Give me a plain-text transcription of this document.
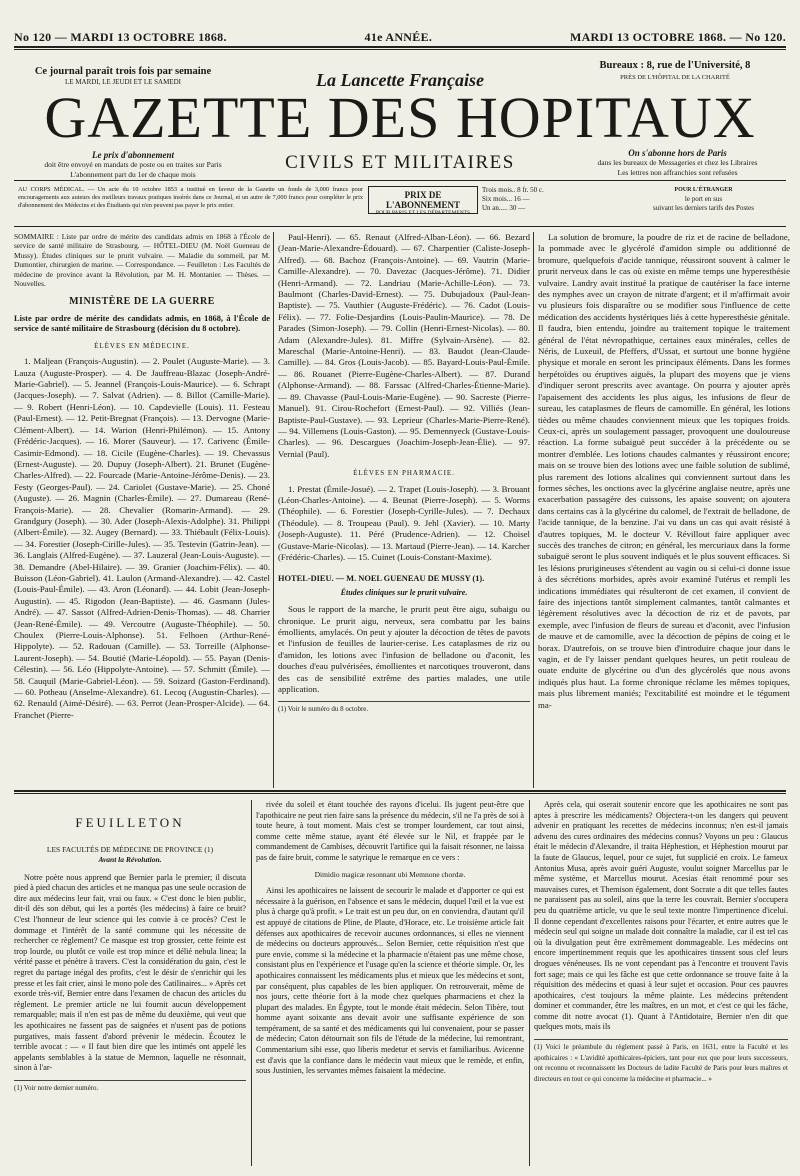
No 120 — MARDI 13 OCTOBRE 1868.	41e ANNÉE.	MARDI 13 OCTOBRE 1868. — No 120.
Ce journal paraît trois fois par semaine
LE MARDI, LE JEUDI ET LE SAMEDI	La Lancette Française
Bureaux : 8, rue de l'Université, 8
PRÈS DE L'HÔPITAL DE LA CHARITÉ
GAZETTE DES HOPITAUX
Le prix d'abonnement
doit être envoyé en mandats de poste ou en traites sur Paris
L'abonnement part du 1er de chaque mois
CIVILS ET MILITAIRES	On s'abonne hors de Paris
dans les bureaux de Messageries et chez les Libraires
Les lettres non affranchies sont refusées
AU CORPS MÉDICAL. — Un acte du 10 octobre 1853 a institué en faveur de la Gazette un fonds de 3,000 francs pour encouragements aux auteurs des meilleurs travaux pratiques insérés dans ce Journal, et un autre de 7,000 francs pour compléter le prix d'abonnement des Médecins et des Étudiants qui n'en peuvent pas payer le prix entier.
PRIX DE L'ABONNEMENT
POUR PARIS ET LES DÉPARTEMENTS
Trois mois.. 8 fr. 50 c.
Six mois... 16 —
Un an..... 30 —
POUR L'ÉTRANGER
le port en sus
suivant les derniers tarifs des Postes
SOMMAIRE : Liste par ordre de mérite des candidats admis en 1868 à l'École de service de santé militaire de Strasbourg. — HÔTEL-DIEU (M. Noël Gueneau de Mussy). Études cliniques sur le prurit vulvaire. — Maladie du sommeil, par M. Dumontier, chirurgien de marine. — Correspondance. — Feuilleton : Les Facultés de médecine de province avant la Révolution, par M. H. Montanier. — Thèses. — Nouvelles.
MINISTÈRE DE LA GUERRE
Liste par ordre de mérite des candidats admis, en 1868, à l'École de service de santé militaire de Strasbourg (décision du 8 octobre).
ÉLÈVES EN MÉDECINE.

1. Maljean (François-Augustin). — 2. Poulet (Auguste-Marie). — 3. Lauza (Auguste-Prosper). — 4. De Jauffreau-Blazac (Joseph-André-Marie-Gabriel). — 5. Jeannel (François-Louis-Maurice). — 6. Schrapt (Jacques-Joseph). — 7. Salvat (Adrien). — 8. Billot (Camille-Marie). — 9. Robert (Henri-Léon). — 10. Capdevielle (Louis). 11. Festeau (Paul-Ernest). — 12. Petit-Bregnat (François). — 13. Dervogne (Marie-Clément-Albert). — 14. Warion (Henri-Philémon). — 15. Antony (Frédéric-Jacques). — 16. Morer (Sauveur). — 17. Carivenc (Émile-Casimir-Edmond). — 18. Cicile (Eugène-Charles). — 19. Chevassus (Ernest-Auguste). — 20. Dupuy (Joseph-Albert). 21. Brunet (Eugène-Charles-Alfred). — 22. Fourcade (Marie-Antoine-Jérôme-Denis). — 23. Festy (Georges-Paul). — 24. Cariolet (Gustave-Marie). — 25. Choné (Auguste). — 26. Magnin (Charles-Émile). — 27. Dumareau (René-François-Marie). — 28. Chevalier (Romarin-Armand). — 29. Grandgury (Joseph). — 30. Ader (Joseph-Alexis-Adolphe). 31. Philippi (Albert-Émile). — 32. Augey (Bernard). — 33. Thiébault (Félix-Louis). — 34. Forestier (Joseph-Cirille-Jules). — 35. Testevin (Gatrin-Jean). — 36. Langlais (Alfred-Eugène). — 37. Lauzeral (Jean-Louis-Auguste). — 38. Demandre (Abel-Hilaire). — 39. Granier (Joachim-Félix). — 40. Buisson (Léon-Gabriel). 41. Laulon (Armand-Alexandre). — 42. Castel (Louis-Paul-Émile). — 43. Aron (Léonard). — 44. Lobit (Jean-Joseph-Augustin). — 45. Rigodon (Jean-Baptiste). — 46. Gasmann (Jules-André). — 47. Sassot (Alfred-Adrien-Denis-Thomas). — 48. Charrier (Jean-René-Émile). — 49. Vercoutre (Auguste-Théophile). — 50. Choulex (Pierre-Louis-Alphonse). 51. Felhoen (Arthur-René-Hippolyte). — 52. Radouan (Camille). — 53. Torreille (Alphonse-Laurent-Joseph). — 54. Boutié (Marie-Léopold). — 55. Payan (Denis-Célestin). — 56. Léo (Hippolyte-Antoine). — 57. Schmitt (Émile). — 58. Cauquil (Marie-Gabriel-Léon). — 59. Soizard (Gaston-Ferdinand). — 60. Potheau (Anselme-Alexandre). 61. Lecoq (Augustin-Charles). — 62. Renauld (Aimé-Désiré). — 63. Perrot (Jean-Prosper-Alcide). — 64. Franchet (Pierre-

Paul-Henri). — 65. Renaut (Alfred-Alban-Léon). — 66. Bezard (Jean-Marie-Alexandre-Édouard). — 67. Charpentier (Caliste-Joseph-Alfred). — 68. Bachoz (François-Antoine). — 69. Vautrin (Marie-Camille-Alexandre). — 70. Davezac (Jacques-Jérôme). 71. Didier (Henri-Armand). — 72. Landriau (Marie-Achille-Léon). — 73. Baulmont (Charles-David-Ernest). — 75. Dubujadoux (Paul-Jean-Baptiste). — 75. Vauthier (Auguste-Frédéric). — 76. Cadot (Louis-Félix). — 77. Folie-Desjardins (Louis-Paulin-Maurice). — 78. De Parades (Simon-Joseph). — 79. Collin (Henri-Ernest-Nicolas). — 80. Adam (Alexandre-Jules). 81. Miffre (Sylvain-Arsène). — 82. Mareschal (Marie-Antoine-Henri). — 83. Baudot (Jean-Claude-Camille). — 84. Gros (Louis-Jacob). — 85. Bayard-Louis-Paul-Émile. — 86. Rouanet (Pierre-Eugène-Charles-Albert). — 87. Durand (Alphonse-Armand). — 88. Farssac (Alfred-Charles-Étienne-Marie). — 89. Chavasse (Paul-Louis-Marie-Eugène). — 90. Sacreste (Pierre-Manuel). 91. Cirou-Rochefort (Ernest-Paul). — 92. Villiés (Jean-Baptiste-Paul-Gustave). — 93. Leprieur (Charles-Marie-Pierre-René). — 94. Villemens (Louis-Gaston). — 95. Demennyeck (Gustave-Louis-Charles). — 96. Descargues (Joachim-Joseph-Jean-Élie). — 97. Vernial (Paul).

ÉLÈVES EN PHARMACIE.

1. Prestat (Émile-Josué). — 2. Trapet (Louis-Joseph). — 3. Brouant (Léon-Charles-Antoine). — 4. Beunat (Pierre-Joseph). — 5. Worms (Théophile). — 6. Forestier (Joseph-Cyrille-Jules). — 7. Dechaux (Théodule). — 8. Troupeau (Paul). 9. Jehl (Xavier). — 10. Marty (Joseph-Auguste). 11. Péré (Prudence-Adrien). — 12. Choisel (Gustave-Marie-Nicolas). — 13. Martaud (Pierre-Jean). — 14. Karcher (Frédéric-Charles). — 15. Cuinet (Louis-Constant-Maxime).

HOTEL-DIEU. — M. NOEL GUENEAU DE MUSSY (1).
Études cliniques sur le prurit vulvaire.

Sous le rapport de la marche, le prurit peut être aigu, subaigu ou chronique. Le prurit aigu, nerveux, sera combattu par les bains émollients, amylacés. On peut y ajouter la décoction de têtes de pavots et l'infusion de feuilles de laurier-cerise. Les cataplasmes de riz ou d'amidon, les lotions avec l'infusion de belladone ou d'aconit, les douches d'eau pulvérisées, émollientes et narcotiques trouveront, dans des cas de sensibilité extrême des parties malades, une utile application.

(1) Voir le numéro du 8 octobre.

La solution de bromure, la poudre de riz et de racine de belladone, la pommade avec le glycérolé d'amidon simple ou additionné de bromure, quelquefois d'acide tannique, réussiront souvent à calmer le prurit nerveux dans le cas où existe en même temps une hyperesthésie vulvaire. Landry avait institué la pratique de cautériser la face interne des nymphes avec un crayon de nitrate d'argent; et il m'affirmait avoir vu plusieurs fois disparaître ou se modifier sous l'influence de cette médication des accidents hystériques liés à cette hyperesthésie génitale. Il faudra, bien entendu, joindre au traitement topique le traitement général de l'état névropathique, certaines eaux minérales, celles de Néris, de Luxeuil, de Pfeffers, d'Ussat, et surtout une bonne hygiène physique et morale en seront les principaux éléments. Dans les formes herpétoïdes ou éruptives aiguës, la plupart des moyens que je viens d'indiquer seront prescrits avec avantage. On pourra y ajouter après l'apaisement des accidents les plus aigus, les infusions de fleur de sureau, les cataplasmes de fleurs de camomille. En général, les lotions tièdes ou même chaudes conviennent mieux que les topiques froids. Ceux-ci, après un soulagement passager, provoquent une douloureuse réaction. La forme subaiguë peut succéder à la précédente ou se montrer d'emblée. Les lotions chaudes calmantes y réussiront encore; mais on se trouve bien des lotions avec une faible solution de sublimé, plus rarement des lotions alcalines qui conviennent surtout dans les formes sèches, les onctions avec la glycérine anglaise neutre, après une exacerbation passagère des cuissons, les apaise souvent; on ajoutera dans certains cas à la glycérine du calomel, de l'extrait de belladone, de l'acide tannique, de la benzine. J'ai vu dans un cas qui avait résisté à d'autres topiques, M. le docteur V. Révillout faire appliquer avec succès des tranches de citron; en général, les mercuriaux dans la forme subaiguë seront le plus souvent indiqués et le plus souvent efficaces. Si les lésions prurigineuses s'étendent au vagin ou si celui-ci donne issue à des sécrétions morbides, après avoir examiné l'utérus et rempli les indications immédiates qui résulteront de cet examen, il convient de faire des injections tantôt simplement calmantes, tantôt calmantes et légèrement résolutives avec la décoction de riz et de pavots, par exemple, avec l'infusion de fleurs de sureau et d'aconit, avec l'infusion de mauve et de camomille, avec la décoction de pépins de coing et le borax. D'autrefois, on se trouve bien d'introduire chaque jour dans le vagin, et de l'y laisser pendant quelques heures, un petit rouleau de ouate enduite de glycérine ou d'un des glycérolés que nous avons indiqués plus haut. La forme chronique réclame les mêmes topiques, mais plus librement maniés; l'excitabilité est moindre et le tégument ma-

FEUILLETON
LES FACULTÉS DE MÉDECINE DE PROVINCE (1)
Avant la Révolution.

Notre poète nous apprend que Bernier parla le premier; il discuta pied à pied chacun des articles et ne manqua pas une seule occasion de dire aux médecins leur fait, vrai ou faux. « C'est donc le bien public, dit-il dès son début, qui les a portés (les médecins) à faire ce bruit? C'est l'honneur de leur science qui les convie à ce procès? C'est le dommage et l'intérêt de la santé commune qui les nécessite de rechercher ce règlement? Ce masque est trop grossier, cette feinte est trop lourde, ou plutôt ce voile est trop mince et délié nebula linea; la vérité passe et pénètre à travers. C'est la considération du gain, c'est le regret du partage inégal des profits, c'est le désir de s'enrichir qui les presse et les fait crier, ainsi le mono pole des Catilinaires... » Après cet exorde très-vif, Bernier entre dans l'examen de chacun des articles du règlement. Le premier article ne lui fournit aucun développement remarquable; mais il n'en est pas de même du deuxième, qui veut que les apothicaires ne fassent pas de saignées et n'usent pas de potions purgatives, mais fassent d'abord prévenir le médecin. Écoutez le terrible avocat : — « Il faut bien dire que les intimés ont appelé les appelants semblables à la statue de Memnon, laquelle ne résonnait, sinon à l'ar-

(1) Voir notre dernier numéro.

rivée du soleil et étant touchée des rayons d'icelui. Ils jugent peut-être que l'apothicaire ne peut rien faire sans la présence du médecin, s'il ne l'a près de soi à toute heure, à tout moment. Mais c'est se tromper lourdement, car tout ainsi, comme cette même statue, ayant été élevée sur le Nil, et frappée par le commandement de Cambises, découvrit l'artifice qui la faisait résonner, ne laissa pas de faire bruit, comme le satyrique le remarque en ce vers :

Dimidio magicæ resonnant ubi Memnone chordæ.

Ainsi les apothicaires ne laissent de secourir le malade et d'apporter ce qui est nécessaire à la guérison, en l'absence et sans le médecin, duquel l'œil et la vue est plus à charge qu'à profit. » Le trait est un peu dur, on en conviendra, d'autant qu'il est appuyé de citations de Pline, de Plaute, d'Horace, etc. Le troisième article fait défenses aux apothicaires de recevoir aucunes ordonnances, si elles ne viennent de médecins ou docteurs approuvés... Selon Bernier, cette réquisition n'est que pure envie, comme si la médecine et la pharmacie n'étaient pas une même chose, consistant plus en l'expérience et l'usage qu'en la science et théorie simple. Or, les apothicaires connaissent les médicaments plus et mieux que les médecins et sont, par conséquent, plus capables de les bien appliquer. On retrouverait, même de nos jours, cette théorie fort à la mode chez quelques pharmaciens et chez la plupart des malades. En Égypte, tout le monde était médecin. Selon Tibère, tout homme ayant soixante ans devait avoir une suffisante expérience de son tempérament, de sa santé et des médicaments qui lui convenaient, pour se passer de médecin; Caton détournait son fils de l'étude de la médecine, lui remontrant, Commentarium sibi esse, quo liberis medetur et servis et familiaribus. Avicenne est d'avis que la confiance dans le médecin vaut mieux que le remède, et enfin, sous Justinien, les servantes mêmes faisaient la médecine.

Après cela, qui oserait soutenir encore que les apothicaires ne sont pas aptes à prescrire les médicaments? Objectera-t-on les dangers qui peuvent advenir en pratiquant les recettes de médecins inconnus; n'en est-il jamais advenu des cures ordinaires des médecins connus? Voyons un peu : Glaucus était le médecin d'Alexandre, il traita Héphestion, et Héphestion mourut par la faute de Glaucus, lequel, pour ce sujet, fut supplicié en croix. Le fameux Antonius Musa, après avoir guéri Auguste, voulut soigner Marcellus par le même système, et Marcellus mourut. Acesias était renommé pour ses mauvaises cures, et Themison également, dont Socrate a dit que telles fautes ne paraissent pas au soleil, ains que la terre les couvrait. Bernier s'occupera peu du quatrième article, vu que le seul texte montre l'impertinence d'icelui. Il donne cependant d'excellentes raisons pour l'écarter, et entre autres que le médecin seul qui soigne un malade doit connaître la maladie, car il est tel cas où la divulgation peut être extrêmement dommageable. Les médecins ont encore impertinemment requis que les apothicaires tinssent sous clef leurs drogues vénéneuses. Ils ne vont cependant pas à l'encontre et trouvent l'avis fort sage; mais ce qui les fâche est que cette ordonnance se trouve faite à la réquisition des médecins et quasi à leur sujet et occasion. Pour ces pauvres apothicaires, c'est toujours la même plainte. Les médecins prétendent dominer et commander, être les maîtres, en un mot, et c'est ce qui les fâche, comme dit notre avocat (1). Quant à l'Antidotaire, Bernier n'en dit que quelques mots, mais ils

(1) Voici le préambule du règlement passé à Paris, en 1631, entre la Faculté et les apothicaires : « L'avidité apothicaires-épiciers, tant pour eux que pour leurs successeurs, ont reconnu et reconnaissent les Docteurs de ladite Faculté de Paris pour leurs maîtres et directeurs en tout ce qui concerne la médecine et pharmacie... »
